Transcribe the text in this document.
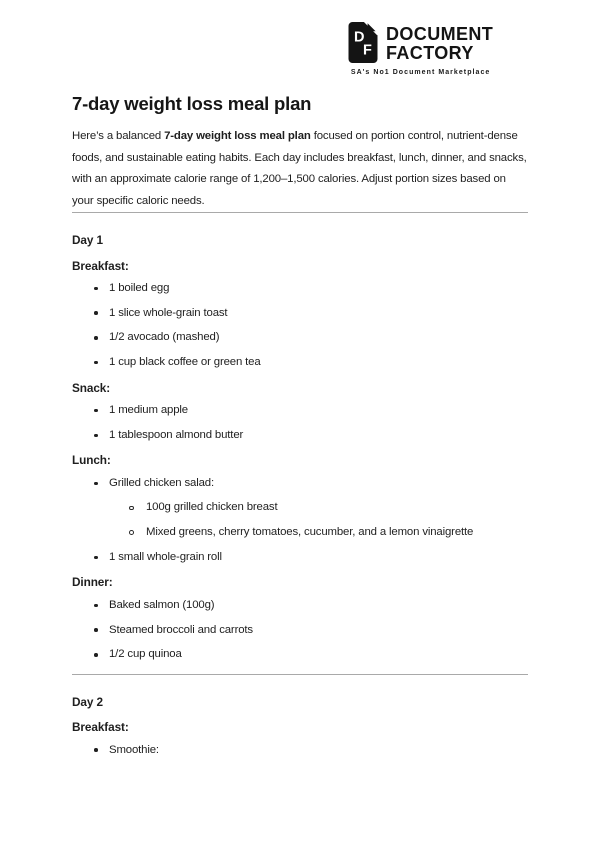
D
F
DOCUMENT
FACTORY
SA's No1 Document Marketplace
7-day weight loss meal plan

Here’s a balanced 7-day weight loss meal plan focused on portion control, nutrient-dense foods, and sustainable eating habits. Each day includes breakfast, lunch, dinner, and snacks, with an approximate calorie range of 1,200–1,500 calories. Adjust portion sizes based on your specific caloric needs.

Day 1

Breakfast:

1 boiled egg
1 slice whole-grain toast
1/2 avocado (mashed)
1 cup black coffee or green tea

Snack:

1 medium apple
1 tablespoon almond butter

Lunch:

Grilled chicken salad:
100g grilled chicken breast
Mixed greens, cherry tomatoes, cucumber, and a lemon vinaigrette
1 small whole-grain roll

Dinner:

Baked salmon (100g)
Steamed broccoli and carrots
1/2 cup quinoa

Day 2

Breakfast:

Smoothie:
